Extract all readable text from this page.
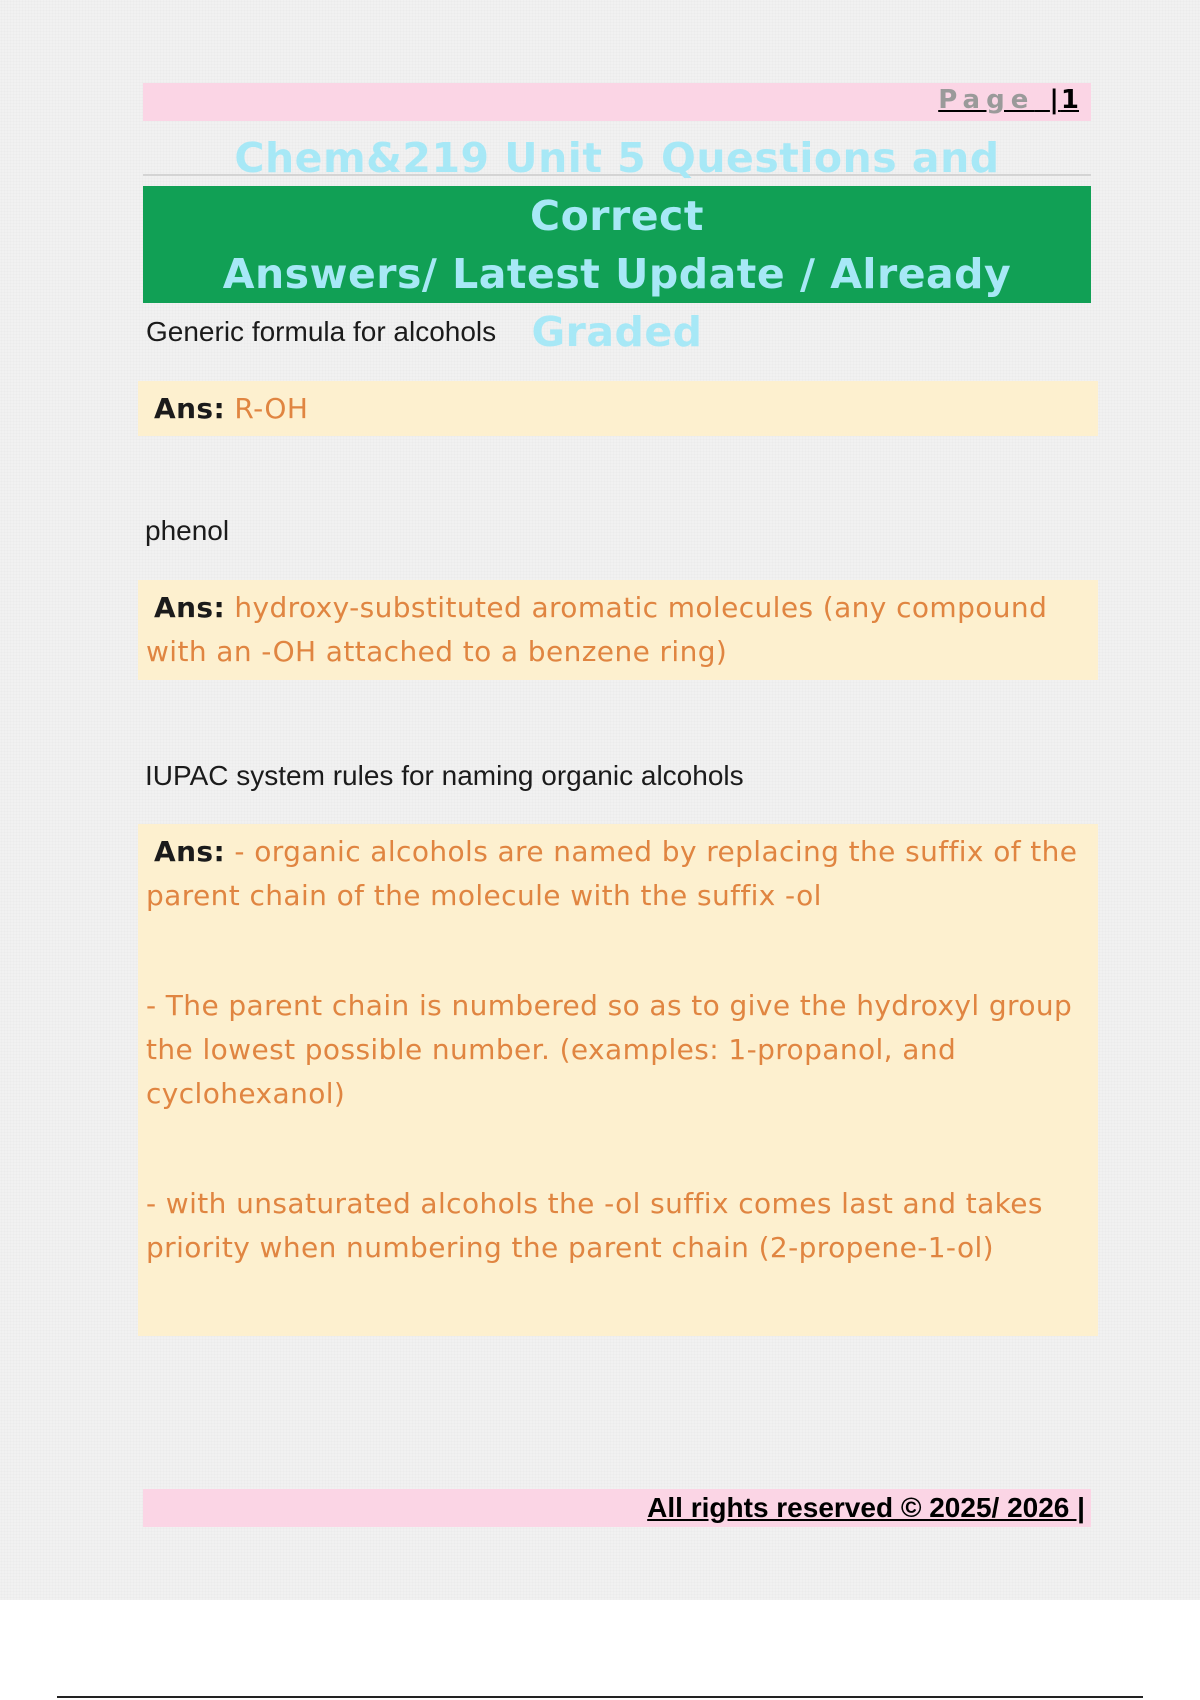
Page |1
Chem&219 Unit 5 Questions and Correct
Answers/ Latest Update / Already Graded
Generic formula for alcohols

Ans: R-OH

phenol

Ans: hydroxy-substituted aromatic molecules (any compound with an -OH attached to a benzene ring)

IUPAC system rules for naming organic alcohols

Ans: - organic alcohols are named by replacing the suffix of the parent chain of the molecule with the suffix -ol

- The parent chain is numbered so as to give the hydroxyl group the lowest possible number. (examples: 1-propanol, and cyclohexanol)

- with unsaturated alcohols the -ol suffix comes last and takes priority when numbering the parent chain (2-propene-1-ol)

All rights reserved © 2025/ 2026 |
